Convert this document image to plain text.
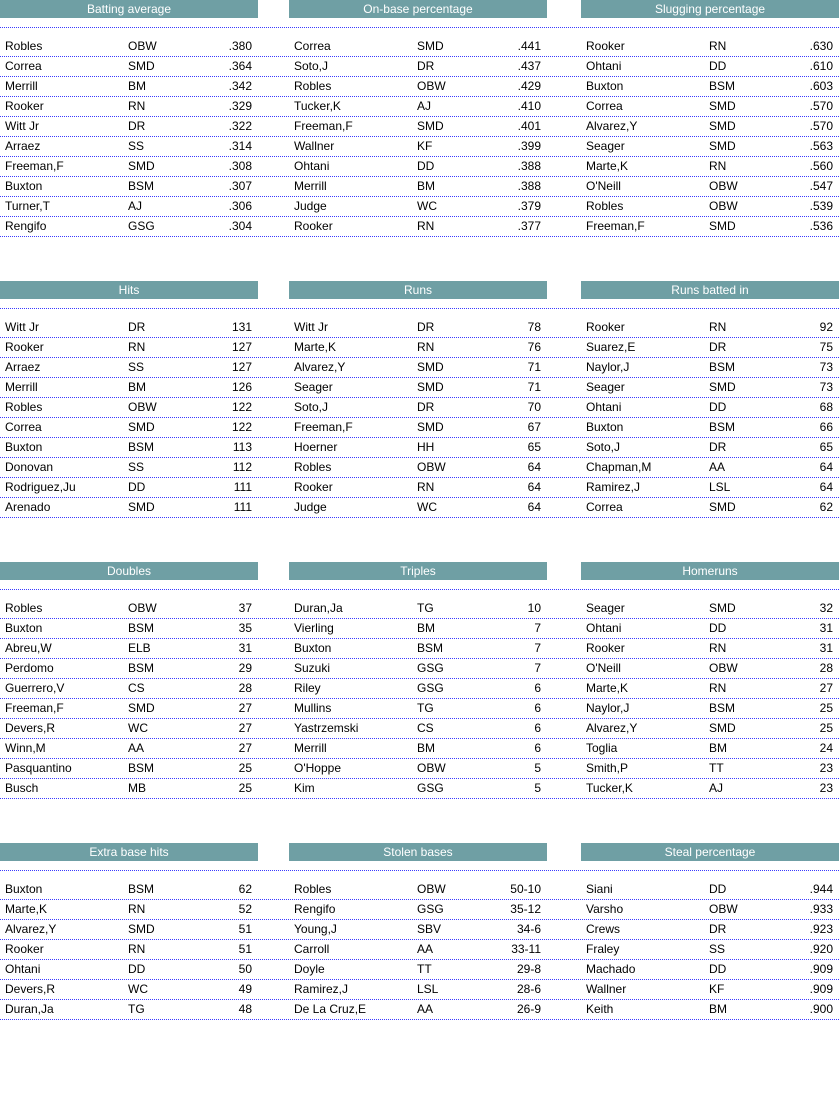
Batting average
Robles	OBW	.380
Correa	SMD	.364
Merrill	BM	.342
Rooker	RN	.329
Witt Jr	DR	.322
Arraez	SS	.314
Freeman,F	SMD	.308
Buxton	BSM	.307
Turner,T	AJ	.306
Rengifo	GSG	.304
On-base percentage
Correa	SMD	.441
Soto,J	DR	.437
Robles	OBW	.429
Tucker,K	AJ	.410
Freeman,F	SMD	.401
Wallner	KF	.399
Ohtani	DD	.388
Merrill	BM	.388
Judge	WC	.379
Rooker	RN	.377
Slugging percentage
Rooker	RN	.630
Ohtani	DD	.610
Buxton	BSM	.603
Correa	SMD	.570
Alvarez,Y	SMD	.570
Seager	SMD	.563
Marte,K	RN	.560
O'Neill	OBW	.547
Robles	OBW	.539
Freeman,F	SMD	.536
Hits
Witt Jr	DR	131
Rooker	RN	127
Arraez	SS	127
Merrill	BM	126
Robles	OBW	122
Correa	SMD	122
Buxton	BSM	113
Donovan	SS	112
Rodriguez,Ju	DD	111
Arenado	SMD	111
Runs
Witt Jr	DR	78
Marte,K	RN	76
Alvarez,Y	SMD	71
Seager	SMD	71
Soto,J	DR	70
Freeman,F	SMD	67
Hoerner	HH	65
Robles	OBW	64
Rooker	RN	64
Judge	WC	64
Runs batted in
Rooker	RN	92
Suarez,E	DR	75
Naylor,J	BSM	73
Seager	SMD	73
Ohtani	DD	68
Buxton	BSM	66
Soto,J	DR	65
Chapman,M	AA	64
Ramirez,J	LSL	64
Correa	SMD	62
Doubles
Robles	OBW	37
Buxton	BSM	35
Abreu,W	ELB	31
Perdomo	BSM	29
Guerrero,V	CS	28
Freeman,F	SMD	27
Devers,R	WC	27
Winn,M	AA	27
Pasquantino	BSM	25
Busch	MB	25
Triples
Duran,Ja	TG	10
Vierling	BM	7
Buxton	BSM	7
Suzuki	GSG	7
Riley	GSG	6
Mullins	TG	6
Yastrzemski	CS	6
Merrill	BM	6
O'Hoppe	OBW	5
Kim	GSG	5
Homeruns
Seager	SMD	32
Ohtani	DD	31
Rooker	RN	31
O'Neill	OBW	28
Marte,K	RN	27
Naylor,J	BSM	25
Alvarez,Y	SMD	25
Toglia	BM	24
Smith,P	TT	23
Tucker,K	AJ	23
Extra base hits
Buxton	BSM	62
Marte,K	RN	52
Alvarez,Y	SMD	51
Rooker	RN	51
Ohtani	DD	50
Devers,R	WC	49
Duran,Ja	TG	48
Stolen bases
Robles	OBW	50-10
Rengifo	GSG	35-12
Young,J	SBV	34-6
Carroll	AA	33-11
Doyle	TT	29-8
Ramirez,J	LSL	28-6
De La Cruz,E	AA	26-9
Steal percentage
Siani	DD	.944
Varsho	OBW	.933
Crews	DR	.923
Fraley	SS	.920
Machado	DD	.909
Wallner	KF	.909
Keith	BM	.900
